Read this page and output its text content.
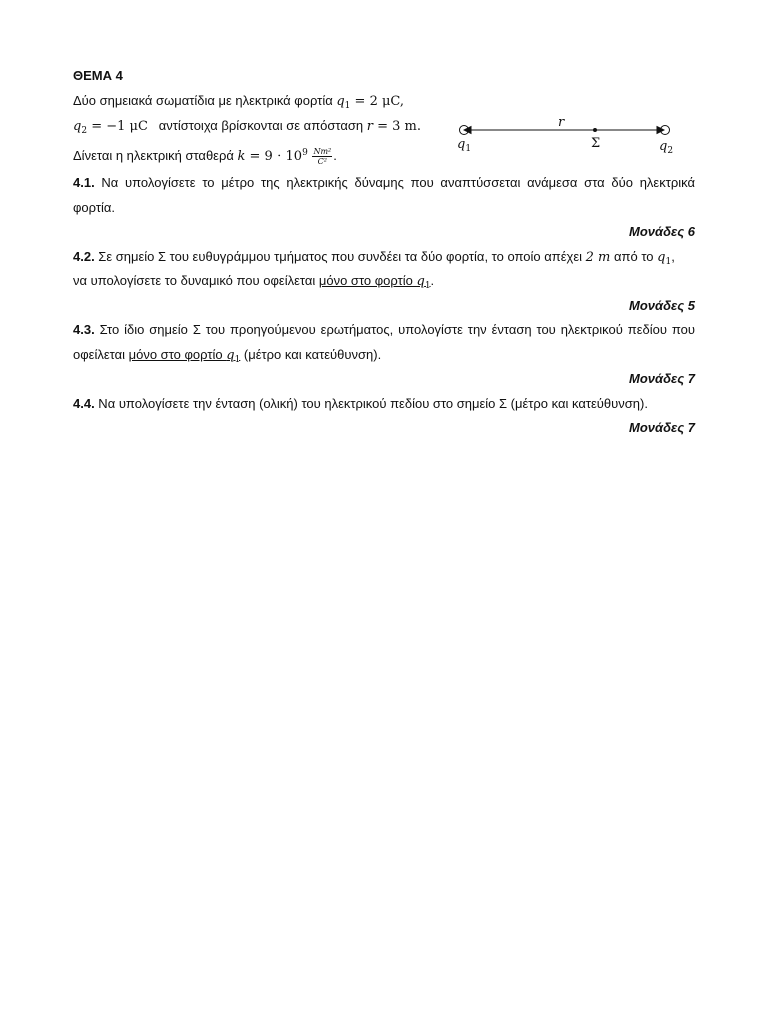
ΘΕΜΑ 4
Δύο σημειακά σωματίδια με ηλεκτρικά φορτία $q_1 = 2$ μC,
$q_2 = -1$ μC αντίστοιχα βρίσκονται σε απόσταση r = 3 m.
Δίνεται η ηλεκτρική σταθερά $k = 9 \cdot 10^9 \frac{\text{Nm²}}{\text{C²}}$ .
4.1. Να υπολογίσετε το μέτρο της ηλεκτρικής δύναμης που αναπτύσσεται ανάμεσα στα δύο ηλεκτρικά
φορτία.
Μονάδες 6
4.2. Σε σημείο Σ του ευθυγράμμου τμήματος που συνδέει τα δύο φορτία, το οποίο απέχει 2 m από το $q_1$,
να υπολογίσετε το δυναμικό που οφείλεται μόνο στο φορτίο $q_1$.
Μονάδες 5
4.3. Στο ίδιο σημείο Σ του προηγούμενου ερωτήματος, υπολογίστε την ένταση του ηλεκτρικού πεδίου που
οφείλεται μόνο στο φορτίο $q_1$ (μέτρο και κατεύθυνση).
Μονάδες 7
4.4. Να υπολογίσετε την ένταση (ολική) του ηλεκτρικού πεδίου στο σημείο Σ (μέτρο και κατεύθυνση).
Μονάδες 7
r
$q_1$	Σ	$q_2$
